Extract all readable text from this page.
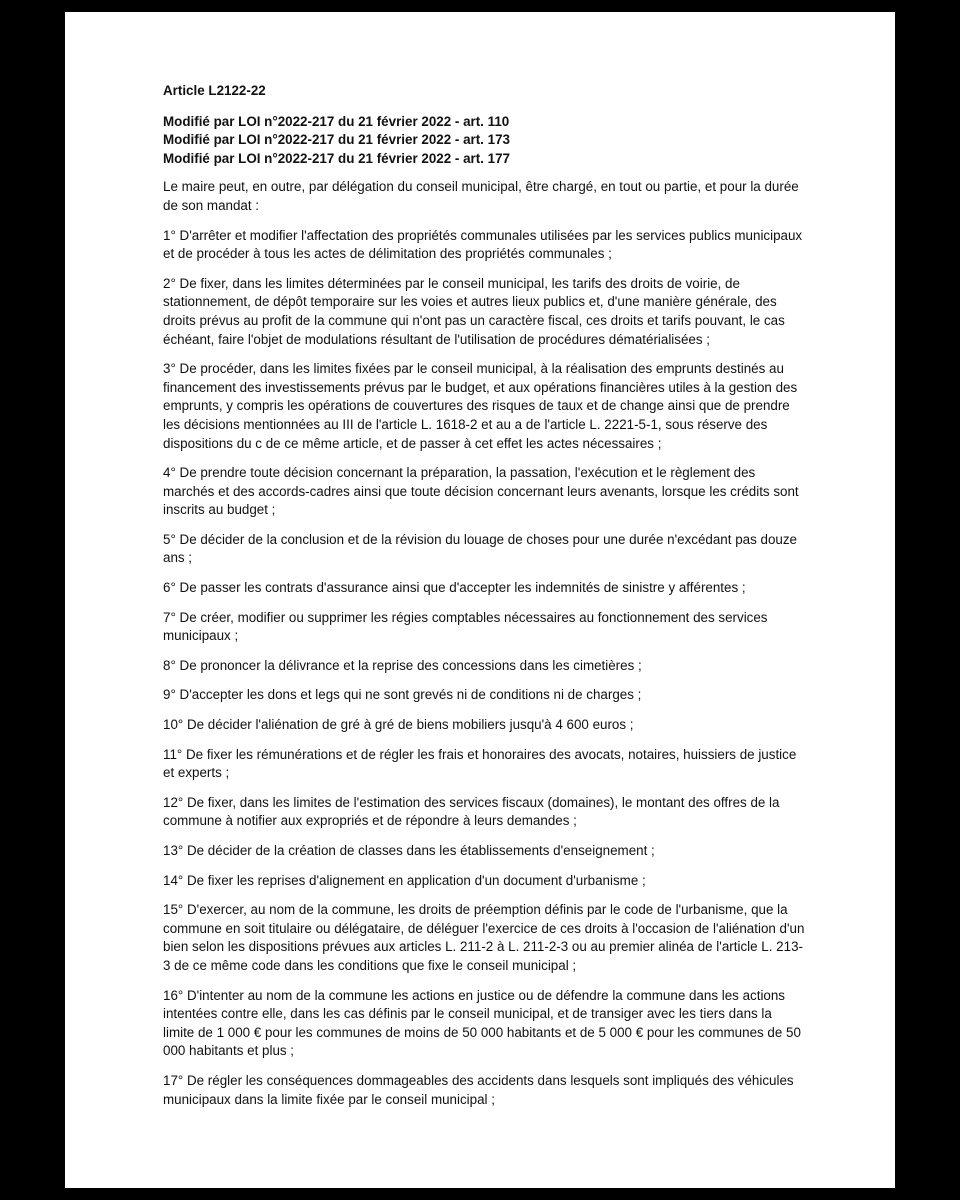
Article L2122-22
Modifié par LOI n°2022-217 du 21 février 2022 - art. 110
Modifié par LOI n°2022-217 du 21 février 2022 - art. 173
Modifié par LOI n°2022-217 du 21 février 2022 - art. 177

Le maire peut, en outre, par délégation du conseil municipal, être chargé, en tout ou partie, et pour la durée de son mandat :

1° D'arrêter et modifier l'affectation des propriétés communales utilisées par les services publics municipaux et de procéder à tous les actes de délimitation des propriétés communales ;

2° De fixer, dans les limites déterminées par le conseil municipal, les tarifs des droits de voirie, de stationnement, de dépôt temporaire sur les voies et autres lieux publics et, d'une manière générale, des droits prévus au profit de la commune qui n'ont pas un caractère fiscal, ces droits et tarifs pouvant, le cas échéant, faire l'objet de modulations résultant de l'utilisation de procédures dématérialisées ;

3° De procéder, dans les limites fixées par le conseil municipal, à la réalisation des emprunts destinés au financement des investissements prévus par le budget, et aux opérations financières utiles à la gestion des emprunts, y compris les opérations de couvertures des risques de taux et de change ainsi que de prendre les décisions mentionnées au III de l'article L. 1618-2 et au a de l'article L. 2221-5-1, sous réserve des dispositions du c de ce même article, et de passer à cet effet les actes nécessaires ;

4° De prendre toute décision concernant la préparation, la passation, l'exécution et le règlement des marchés et des accords-cadres ainsi que toute décision concernant leurs avenants, lorsque les crédits sont inscrits au budget ;

5° De décider de la conclusion et de la révision du louage de choses pour une durée n'excédant pas douze ans ;

6° De passer les contrats d'assurance ainsi que d'accepter les indemnités de sinistre y afférentes ;

7° De créer, modifier ou supprimer les régies comptables nécessaires au fonctionnement des services municipaux ;

8° De prononcer la délivrance et la reprise des concessions dans les cimetières ;

9° D'accepter les dons et legs qui ne sont grevés ni de conditions ni de charges ;

10° De décider l'aliénation de gré à gré de biens mobiliers jusqu'à 4 600 euros ;

11° De fixer les rémunérations et de régler les frais et honoraires des avocats, notaires, huissiers de justice et experts ;

12° De fixer, dans les limites de l'estimation des services fiscaux (domaines), le montant des offres de la commune à notifier aux expropriés et de répondre à leurs demandes ;

13° De décider de la création de classes dans les établissements d'enseignement ;

14° De fixer les reprises d'alignement en application d'un document d'urbanisme ;

15° D'exercer, au nom de la commune, les droits de préemption définis par le code de l'urbanisme, que la commune en soit titulaire ou délégataire, de déléguer l'exercice de ces droits à l'occasion de l'aliénation d'un bien selon les dispositions prévues aux articles L. 211-2 à L. 211-2-3 ou au premier alinéa de l'article L. 213-3 de ce même code dans les conditions que fixe le conseil municipal ;

16° D'intenter au nom de la commune les actions en justice ou de défendre la commune dans les actions intentées contre elle, dans les cas définis par le conseil municipal, et de transiger avec les tiers dans la limite de 1 000 € pour les communes de moins de 50 000 habitants et de 5 000 € pour les communes de 50 000 habitants et plus ;

17° De régler les conséquences dommageables des accidents dans lesquels sont impliqués des véhicules municipaux dans la limite fixée par le conseil municipal ;
